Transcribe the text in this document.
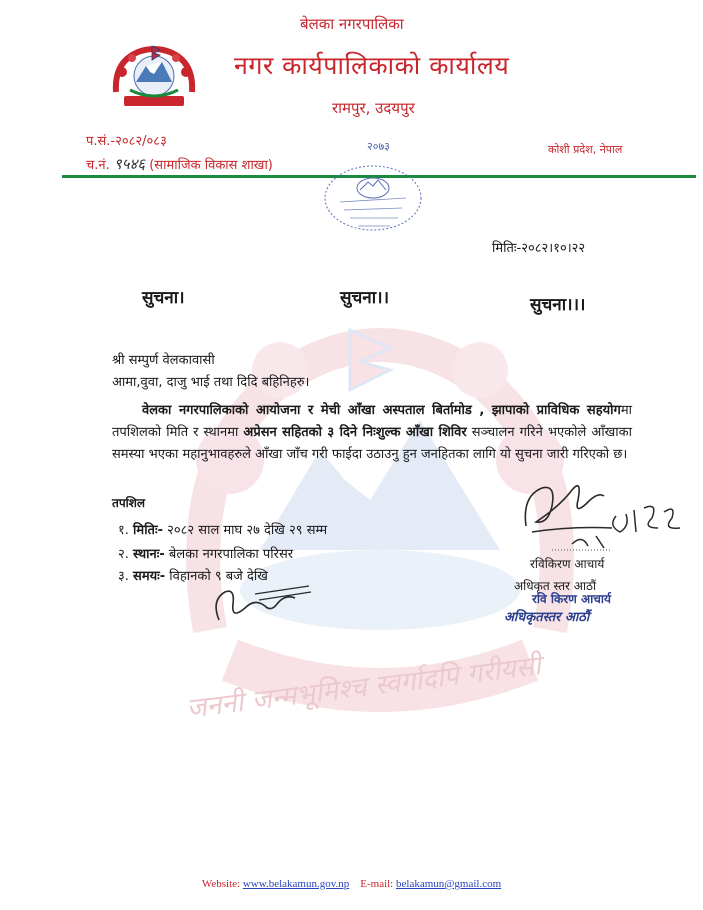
बेलका नगरपालिका
नगर कार्यपालिकाको कार्यालय
रामपुर, उदयपुर
प.सं.-२०८२/०८३
च.नं. ९५४६ (सामाजिक विकास शाखा)
कोशी प्रदेश, नेपाल
२०७३
मितिः-२०८२।१०।२२
जननी जन्मभूमिश्च स्वर्गादपि गरीयसी
सुचना।	सुचना।।	सुचना।।।
श्री सम्पुर्ण वेलकावासी
आमा,वुवा, दाजु भाई तथा दिदि बहिनिहरु।
वेलका नगरपालिकाको आयोजना र मेची आँखा अस्पताल बिर्तामोड , झापाको प्राविधिक सहयोगमा तपशिलको मिति र स्थानमा अप्रेसन सहितको ३ दिने निःशुल्क आँखा शिविर सञ्चालन गरिने भएकोले आँखाका समस्या भएका महानुभावहरुले आँखा जाँच गरी फाईदा उठाउनु हुन जनहितका लागि यो सुचना जारी गरिएको छ।
तपशिल
१. मितिः- २०८२ साल माघ २७ देखि २९ सम्म
२. स्थानः- बेलका नगरपालिका परिसर
३. समयः- विहानको ९ बजे देखि
रविकिरण आचार्य
अधिकृत स्तर आठौं
रवि किरण आचार्य
अधिकृतस्तर आठौं
Website: www.belakamun.gov.np E-mail: belakamun@gmail.com
